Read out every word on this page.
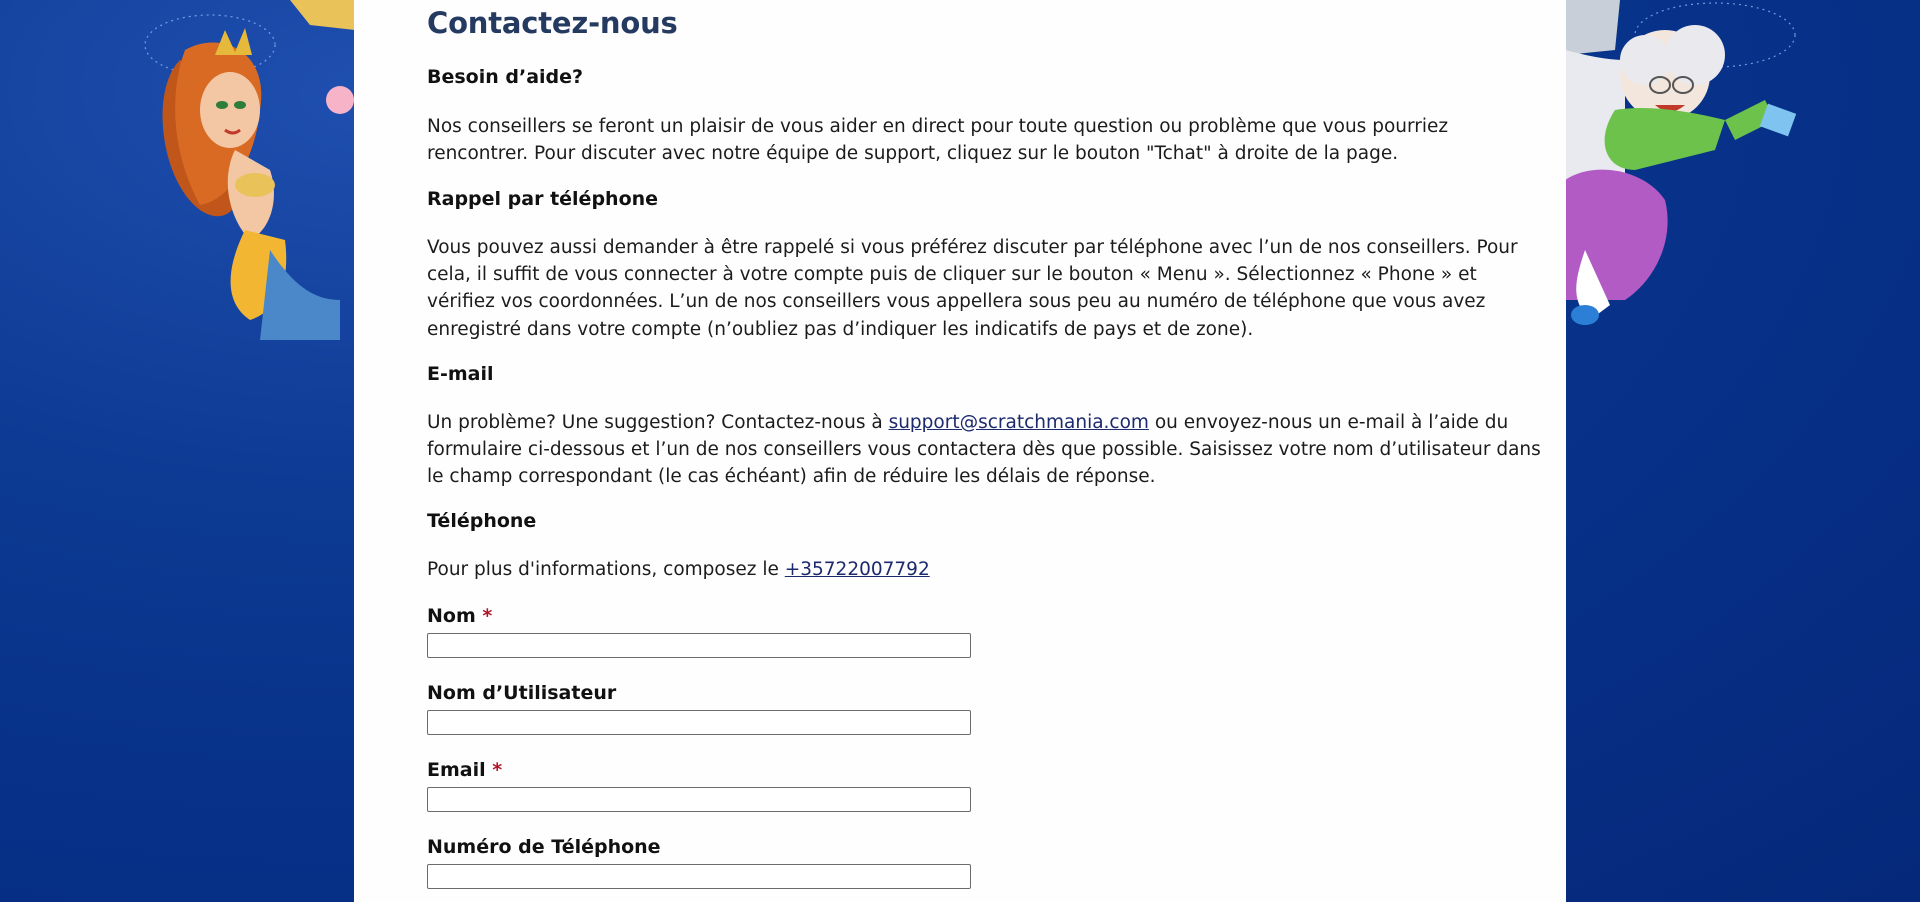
Contactez-nous
Besoin d’aide?

Nos conseillers se feront un plaisir de vous aider en direct pour toute question ou problème que vous pourriez rencontrer. Pour discuter avec notre équipe de support, cliquez sur le bouton "Tchat" à droite de la page.

Rappel par téléphone

Vous pouvez aussi demander à être rappelé si vous préférez discuter par téléphone avec l’un de nos conseillers. Pour cela, il suffit de vous connecter à votre compte puis de cliquer sur le bouton « Menu ». Sélectionnez « Phone » et vérifiez vos coordonnées. L’un de nos conseillers vous appellera sous peu au numéro de téléphone que vous avez enregistré dans votre compte (n’oubliez pas d’indiquer les indicatifs de pays et de zone).

E-mail

Un problème? Une suggestion? Contactez-nous à support@scratchmania.com ou envoyez-nous un e-mail à l’aide du formulaire ci-dessous et l’un de nos conseillers vous contactera dès que possible. Saisissez votre nom d’utilisateur dans le champ correspondant (le cas échéant) afin de réduire les délais de réponse.

Téléphone

Pour plus d'informations, composez le +35722007792

Nom *
Nom d’Utilisateur
Email *
Numéro de Téléphone
